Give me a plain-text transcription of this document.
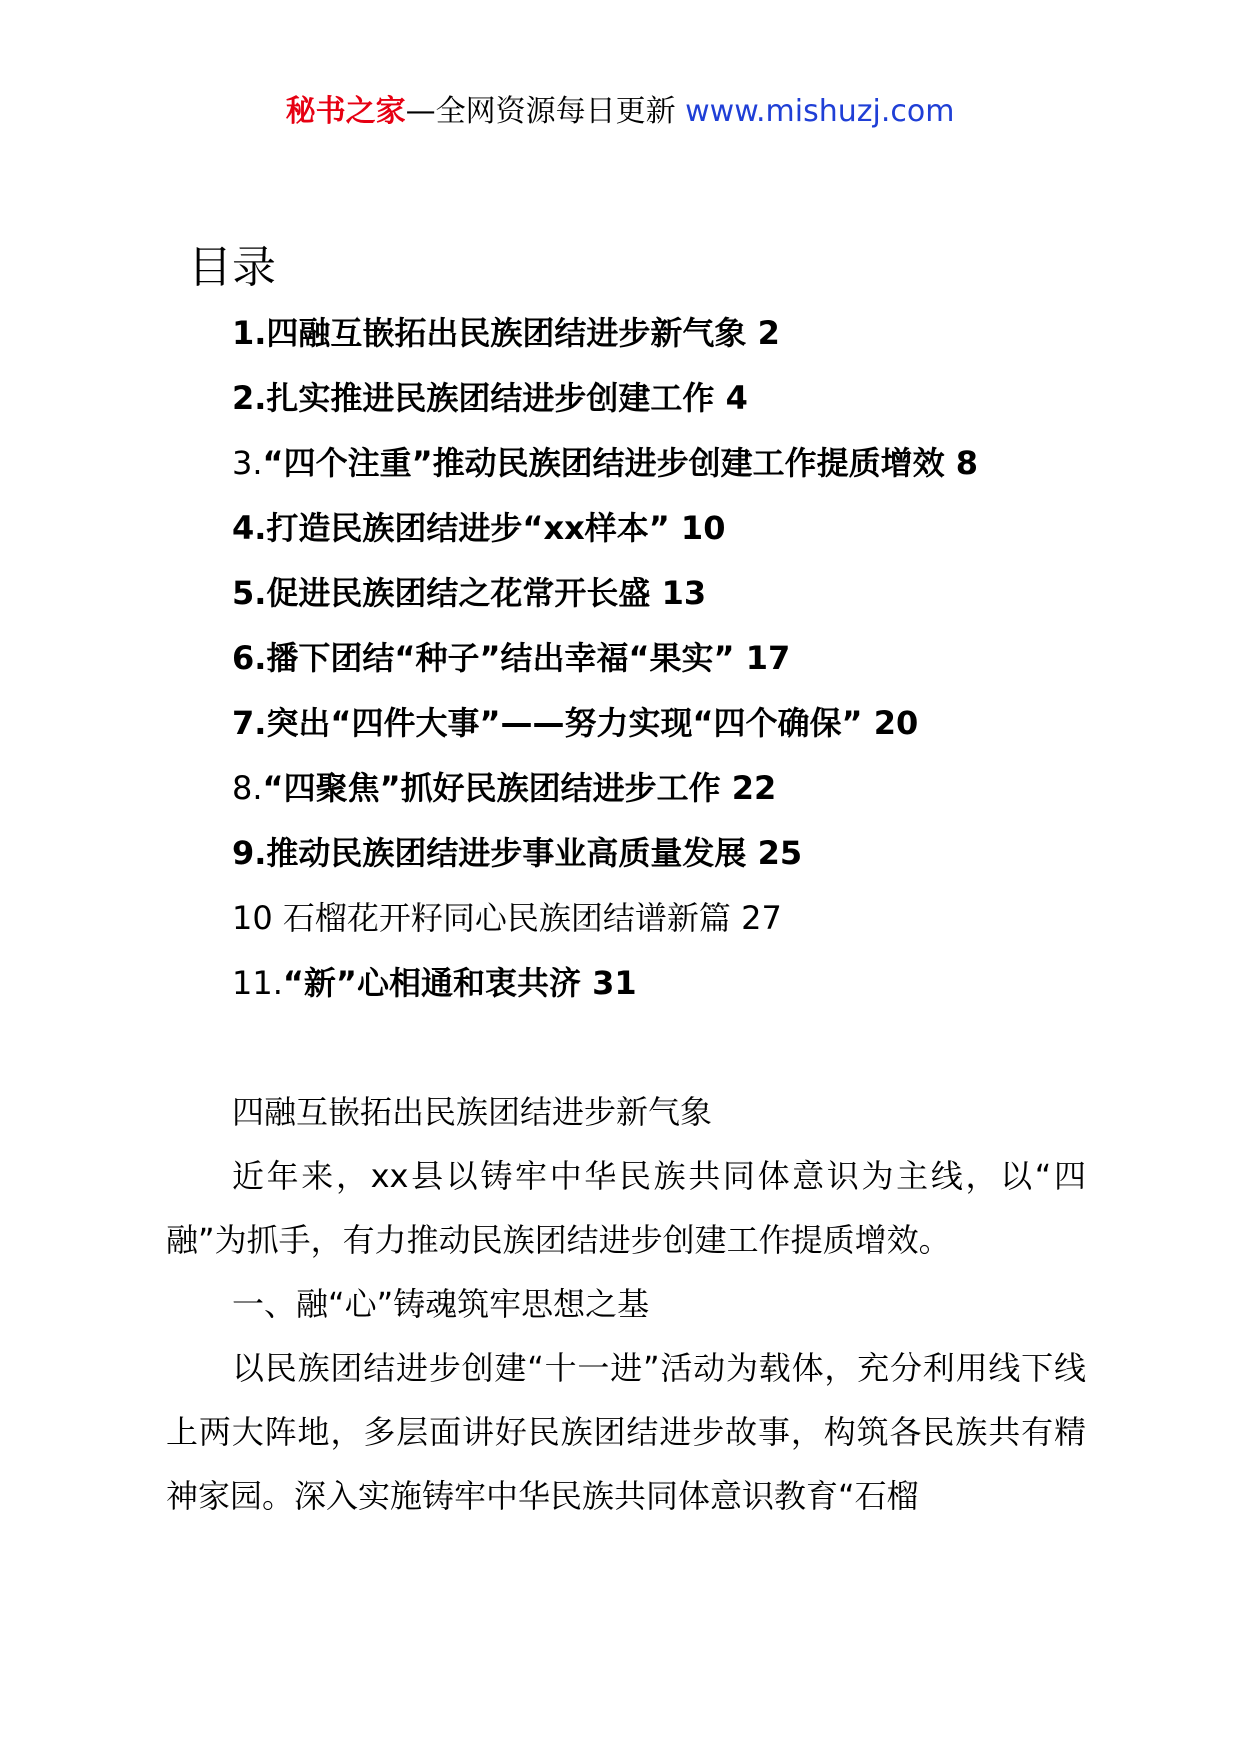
秘书之家—全网资源每日更新 www.mishuzj.com
目录
1.四融互嵌拓出民族团结进步新气象 2
2.扎实推进民族团结进步创建工作 4
3.“四个注重”推动民族团结进步创建工作提质增效 8
4.打造民族团结进步“xx样本” 10
5.促进民族团结之花常开长盛 13
6.播下团结“种子”结出幸福“果实” 17
7.突出“四件大事”——努力实现“四个确保” 20
8.“四聚焦”抓好民族团结进步工作 22
9.推动民族团结进步事业高质量发展 25
10 石榴花开籽同心民族团结谱新篇 27
11.“新”心相通和衷共济 31

四融互嵌拓出民族团结进步新气象

近年来，xx县以铸牢中华民族共同体意识为主线，以“四融”为抓手，有力推动民族团结进步创建工作提质增效。

一、融“心”铸魂筑牢思想之基

以民族团结进步创建“十一进”活动为载体，充分利用线下线上两大阵地，多层面讲好民族团结进步故事，构筑各民族共有精神家园。深入实施铸牢中华民族共同体意识教育“石榴
